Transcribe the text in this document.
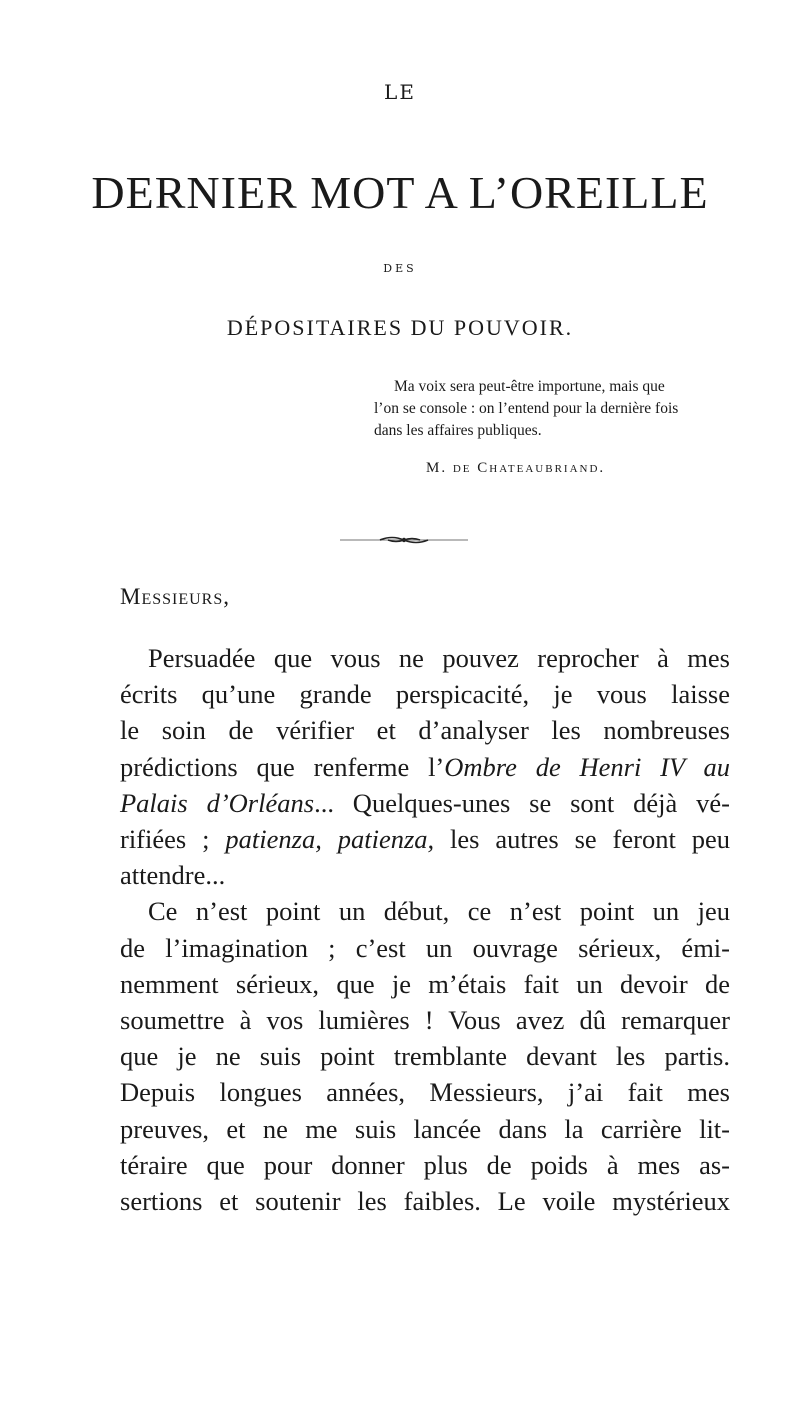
LE
DERNIER MOT A L’OREILLE
DES
DÉPOSITAIRES DU POUVOIR.
Ma voix sera peut-être importune, mais que
l’on se console : on l’entend pour la dernière fois
dans les affaires publiques.
M. de Chateaubriand.
Messieurs,
Persuadée que vous ne pouvez reprocher à mes
écrits qu’une grande perspicacité, je vous laisse
le soin de vérifier et d’analyser les nombreuses
prédictions que renferme l’Ombre de Henri IV au
Palais d’Orléans... Quelques-unes se sont déjà vé-
rifiées ; patienza, patienza, les autres se feront peu
attendre...
Ce n’est point un début, ce n’est point un jeu
de l’imagination ; c’est un ouvrage sérieux, émi-
nemment sérieux, que je m’étais fait un devoir de
soumettre à vos lumières ! Vous avez dû remarquer
que je ne suis point tremblante devant les partis.
Depuis longues années, Messieurs, j’ai fait mes
preuves, et ne me suis lancée dans la carrière lit-
téraire que pour donner plus de poids à mes as-
sertions et soutenir les faibles. Le voile mystérieux
